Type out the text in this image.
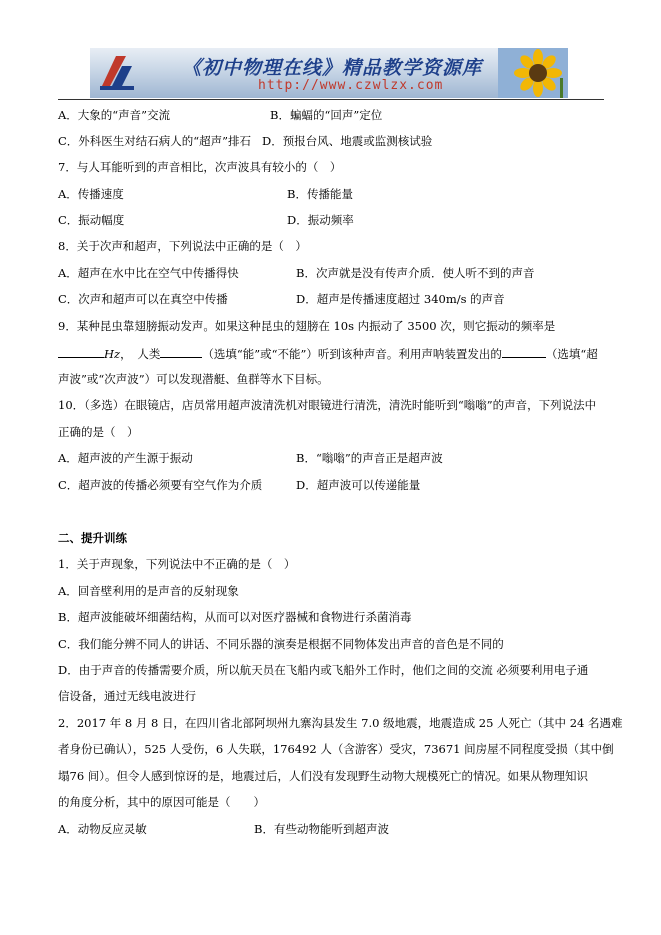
《初中物理在线》精品教学资源库
http://www.czwlzx.com
A．大象的“声音”交流	B．蝙蝠的“回声”定位
C．外科医生对结石病人的“超声”排石 D．预报台风、地震或监测核试验
7．与人耳能听到的声音相比，次声波具有较小的（　）
A．传播速度	B．传播能量
C．振动幅度	D．振动频率
8．关于次声和超声，下列说法中正确的是（　）
A．超声在水中比在空气中传播得快	B．次声就是没有传声介质．使人听不到的声音
C．次声和超声可以在真空中传播	D．超声是传播速度超过 340m/s 的声音
9．某种昆虫靠翅膀振动发声。如果这种昆虫的翅膀在 10s 内振动了 3500 次，则它振动的频率是
Hz，　人类	（选填“能”或“不能”）听到该种声音。利用声呐装置发出的	（选填“超
声波”或“次声波”）可以发现潜艇、鱼群等水下目标。
10．（多选）在眼镜店，店员常用超声波清洗机对眼镜进行清洗，清洗时能听到“嗡嗡”的声音，下列说法中
正确的是（　）
A．超声波的产生源于振动	B．“嗡嗡”的声音正是超声波
C．超声波的传播必须要有空气作为介质	D．超声波可以传递能量
二、提升训练
1．关于声现象，下列说法中不正确的是（　）
A．回音壁利用的是声音的反射现象
B．超声波能破坏细菌结构，从而可以对医疗器械和食物进行杀菌消毒
C．我们能分辨不同人的讲话、不同乐器的演奏是根据不同物体发出声音的音色是不同的
D．由于声音的传播需要介质，所以航天员在飞船内或飞船外工作时，他们之间的交流 必须要利用电子通
信设备，通过无线电波进行
2．2017 年 8 月 8 日，在四川省北部阿坝州九寨沟县发生 7.0 级地震，地震造成 25 人死亡（其中 24 名遇难
者身份已确认），525 人受伤，6 人失联，176492 人（含游客）受灾，73671 间房屋不同程度受损（其中倒
塌76 间）。但令人感到惊讶的是，地震过后，人们没有发现野生动物大规模死亡的情况。如果从物理知识
的角度分析，其中的原因可能是（　　）
A．动物反应灵敏	B．有些动物能听到超声波
